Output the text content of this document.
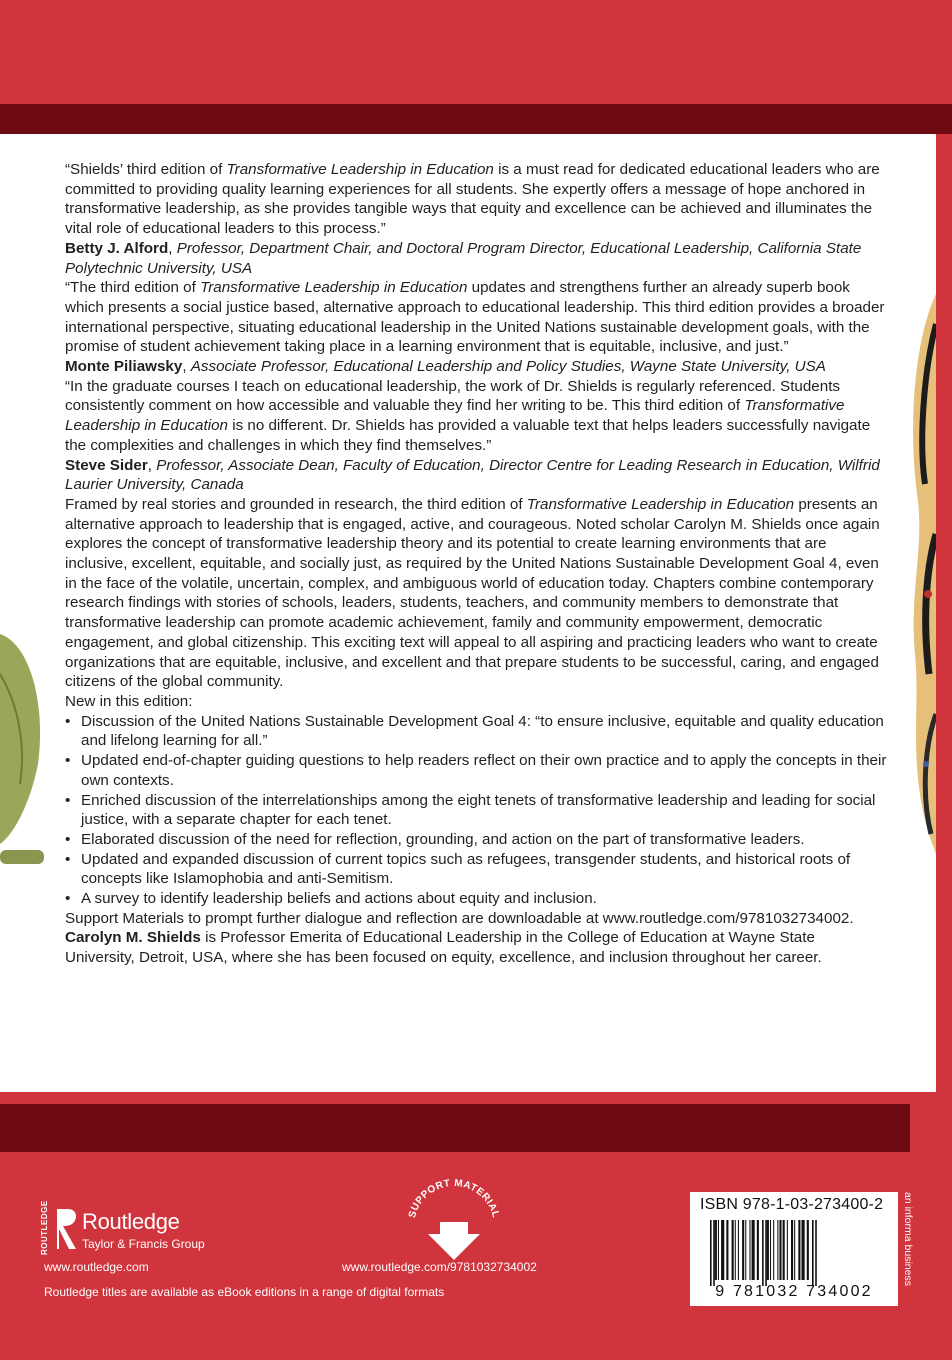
“Shields’ third edition of Transformative Leadership in Education is a must read for dedicated educational leaders who are committed to providing quality learning experiences for all students. She expertly offers a message of hope anchored in transformative leadership, as she provides tangible ways that equity and excellence can be achieved and illuminates the vital role of educational leaders to this process.”
Betty J. Alford, Professor, Department Chair, and Doctoral Program Director, Educational Leadership, California State Polytechnic University, USA

“The third edition of Transformative Leadership in Education updates and strengthens further an already superb book which presents a social justice based, alternative approach to educational leadership. This third edition provides a broader international perspective, situating educational leadership in the United Nations sustainable development goals, with the promise of student achievement taking place in a learning environment that is equitable, inclusive, and just.”
Monte Piliawsky, Associate Professor, Educational Leadership and Policy Studies, Wayne State University, USA

“In the graduate courses I teach on educational leadership, the work of Dr. Shields is regularly referenced. Students consistently comment on how accessible and valuable they find her writing to be. This third edition of Transformative Leadership in Education is no different. Dr. Shields has provided a valuable text that helps leaders successfully navigate the complexities and challenges in which they find themselves.”
Steve Sider, Professor, Associate Dean, Faculty of Education, Director Centre for Leading Research in Education, Wilfrid Laurier University, Canada

Framed by real stories and grounded in research, the third edition of Transformative Leadership in Education presents an alternative approach to leadership that is engaged, active, and courageous. Noted scholar Carolyn M. Shields once again explores the concept of transformative leadership theory and its potential to create learning environments that are inclusive, excellent, equitable, and socially just, as required by the United Nations Sustainable Development Goal 4, even in the face of the volatile, uncertain, complex, and ambiguous world of education today. Chapters combine contemporary research findings with stories of schools, leaders, students, teachers, and community members to demonstrate that transformative leadership can promote academic achievement, family and community empowerment, democratic engagement, and global citizenship. This exciting text will appeal to all aspiring and practicing leaders who want to create organizations that are equitable, inclusive, and excellent and that prepare students to be successful, caring, and engaged citizens of the global community.

New in this edition:

• Discussion of the United Nations Sustainable Development Goal 4: “to ensure inclusive, equitable and quality education and lifelong learning for all.”
• Updated end-of-chapter guiding questions to help readers reflect on their own practice and to apply the concepts in their own contexts.
• Enriched discussion of the interrelationships among the eight tenets of transformative leadership and leading for social justice, with a separate chapter for each tenet.
• Elaborated discussion of the need for reflection, grounding, and action on the part of transformative leaders.
• Updated and expanded discussion of current topics such as refugees, transgender students, and historical roots of concepts like Islamophobia and anti-Semitism.
• A survey to identify leadership beliefs and actions about equity and inclusion.

Support Materials to prompt further dialogue and reflection are downloadable at www.routledge.com/9781032734002.

Carolyn M. Shields is Professor Emerita of Educational Leadership in the College of Education at Wayne State University, Detroit, USA, where she has been focused on equity, excellence, and inclusion throughout her career.

ROUTLEDGE Routledge
Taylor & Francis Group
www.routledge.com
Routledge titles are available as eBook editions in a range of digital formats
SUPPORT MATERIAL
www.routledge.com/9781032734002
ISBN 978-1-03-273400-2
9 781032 734002
an informa business
